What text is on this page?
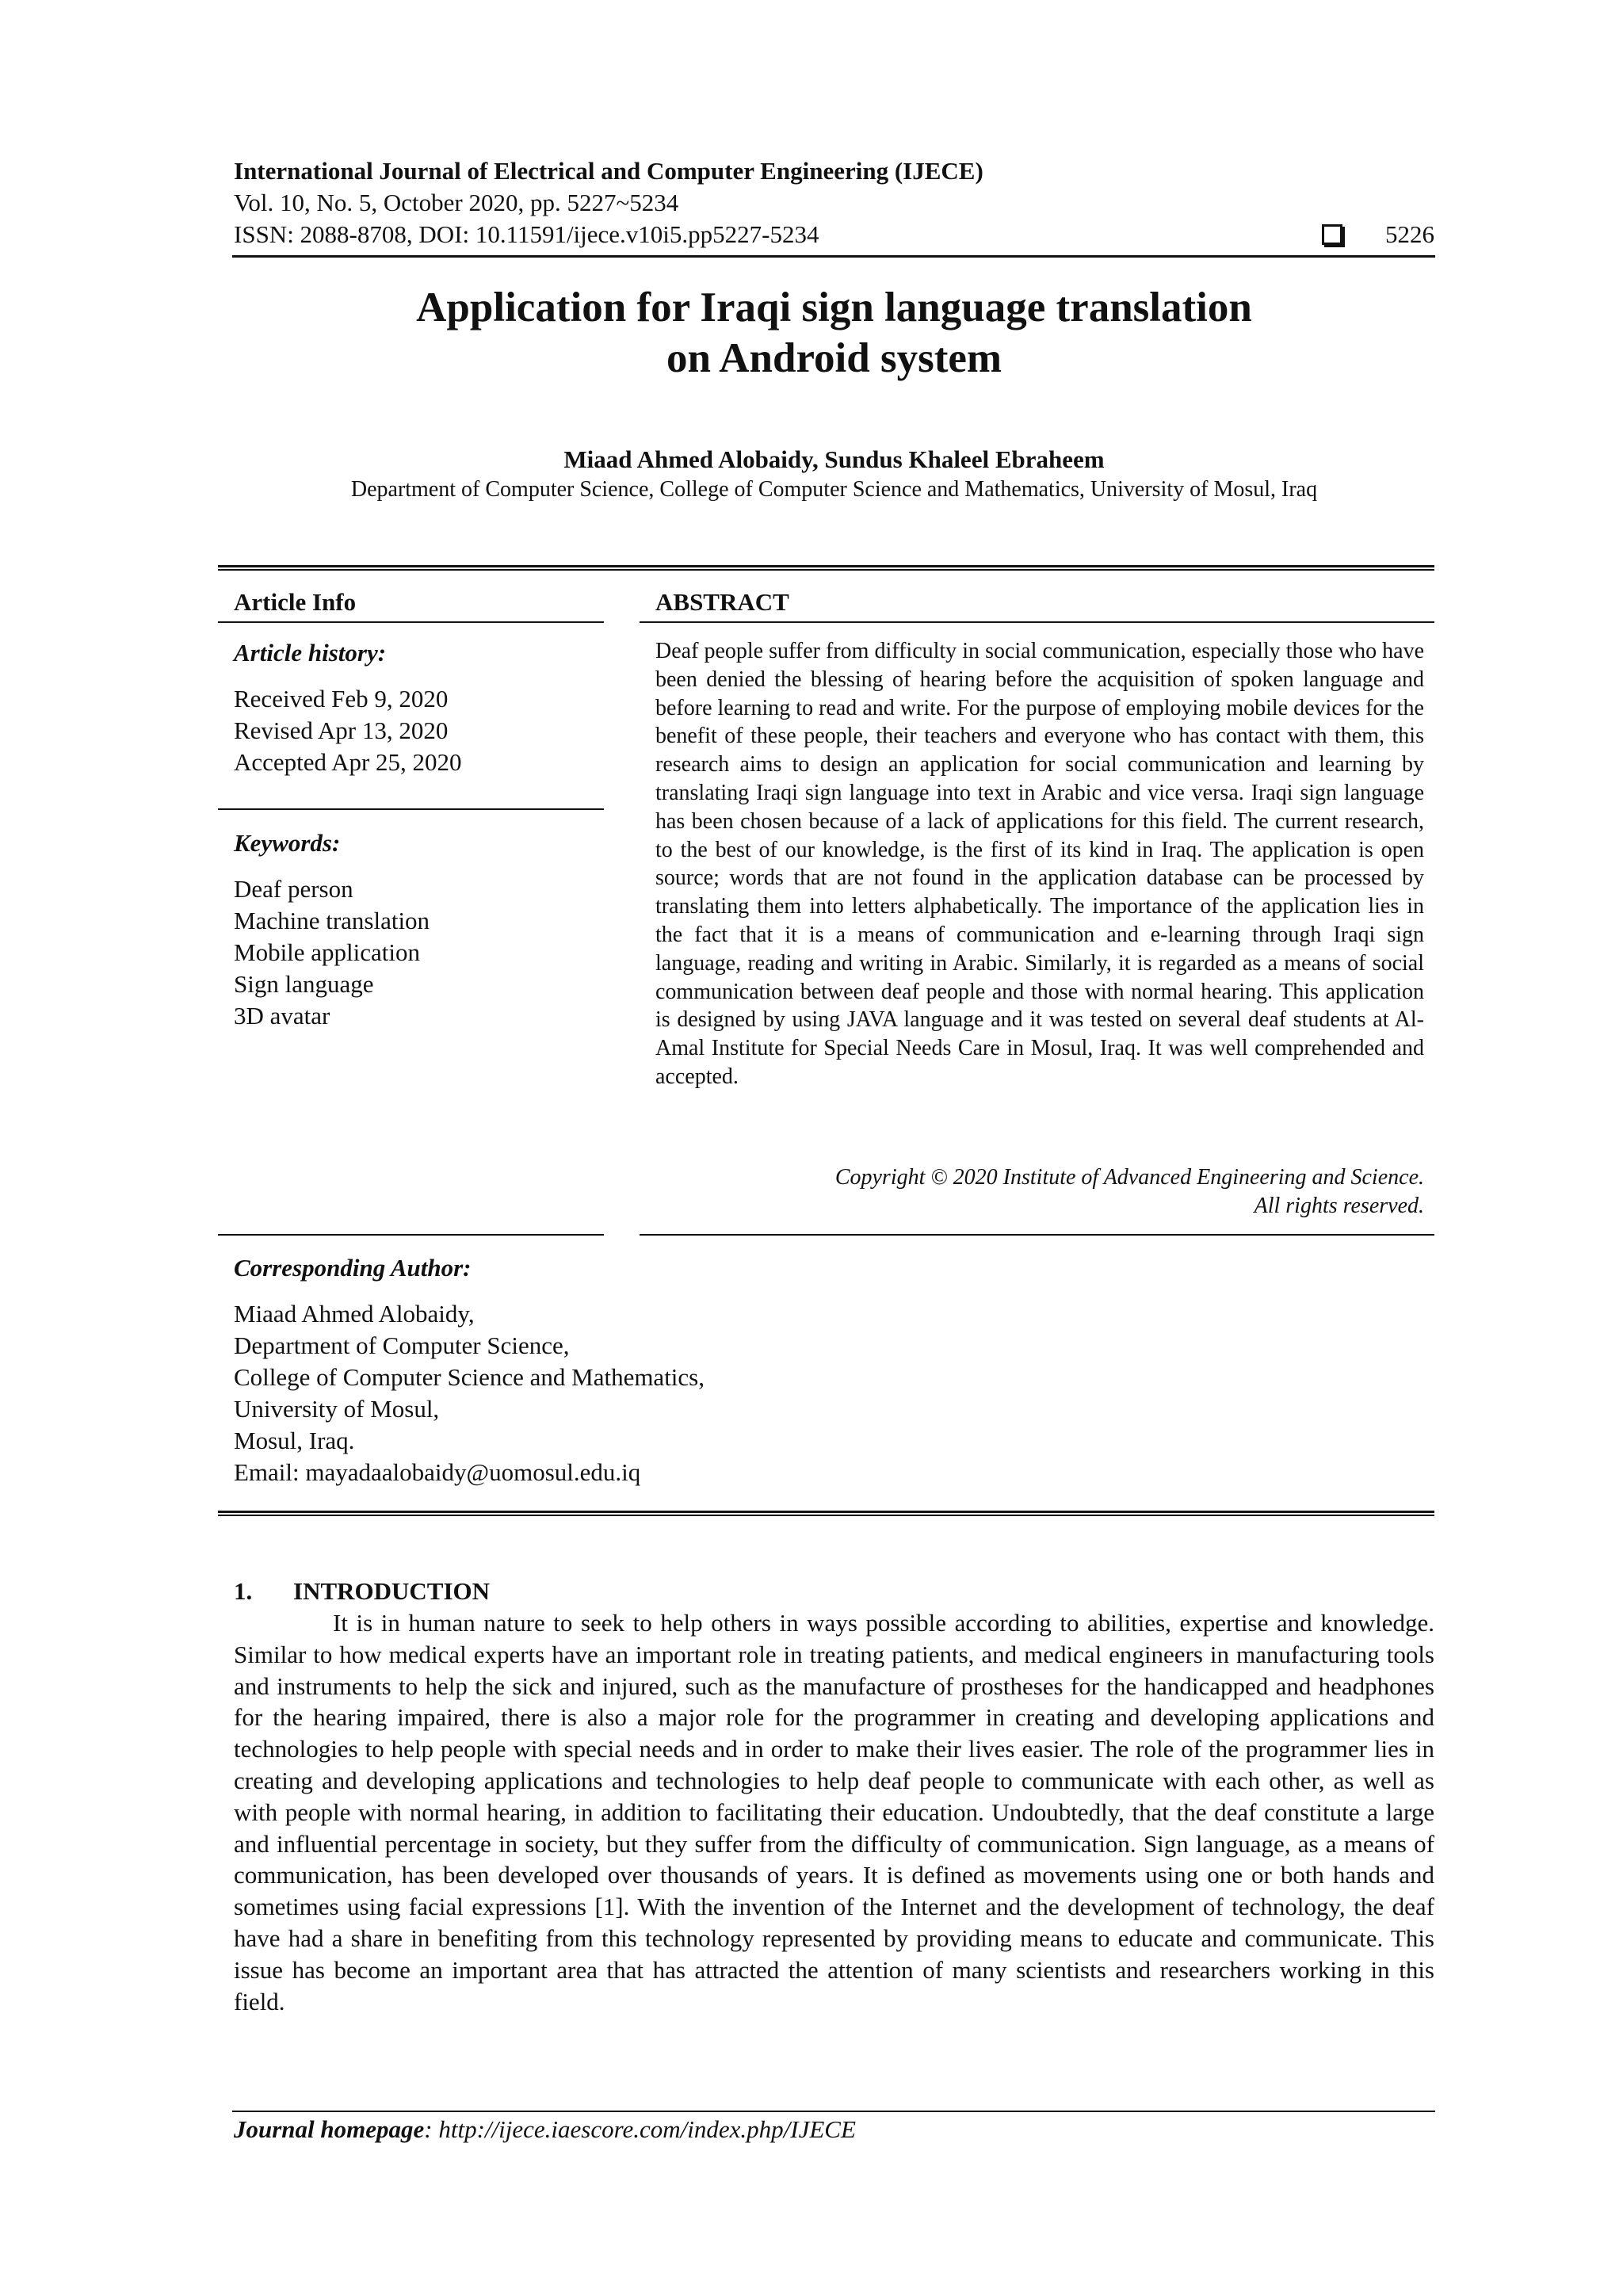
International Journal of Electrical and Computer Engineering (IJECE)
Vol. 10, No. 5, October 2020, pp. 5227~5234
ISSN: 2088-8708, DOI: 10.11591/ijece.v10i5.pp5227-5234	5226
Application for Iraqi sign language translation
on Android system
Miaad Ahmed Alobaidy, Sundus Khaleel Ebraheem
Department of Computer Science, College of Computer Science and Mathematics, University of Mosul, Iraq
Article Info
Article history:
Received Feb 9, 2020
Revised Apr 13, 2020
Accepted Apr 25, 2020
Keywords:
Deaf person
Machine translation
Mobile application
Sign language
3D avatar
ABSTRACT
Deaf people suffer from difficulty in social communication, especially those who have been denied the blessing of hearing before the acquisition of spoken language and before learning to read and write. For the purpose of employing mobile devices for the benefit of these people, their teachers and everyone who has contact with them, this research aims to design an application for social communication and learning by translating Iraqi sign language into text in Arabic and vice versa. Iraqi sign language has been chosen because of a lack of applications for this field. The current research, to the best of our knowledge, is the first of its kind in Iraq. The application is open source; words that are not found in the application database can be processed by translating them into letters alphabetically. The importance of the application lies in the fact that it is a means of communication and e-learning through Iraqi sign language, reading and writing in Arabic. Similarly, it is regarded as a means of social communication between deaf people and those with normal hearing. This application is designed by using JAVA language and it was tested on several deaf students at Al-Amal Institute for Special Needs Care in Mosul, Iraq. It was well comprehended and accepted.
Copyright © 2020 Institute of Advanced Engineering and Science.
All rights reserved.
Corresponding Author:
Miaad Ahmed Alobaidy,
Department of Computer Science,
College of Computer Science and Mathematics,
University of Mosul,
Mosul, Iraq.
Email: mayadaalobaidy@uomosul.edu.iq
1. INTRODUCTION
It is in human nature to seek to help others in ways possible according to abilities, expertise and knowledge. Similar to how medical experts have an important role in treating patients, and medical engineers in manufacturing tools and instruments to help the sick and injured, such as the manufacture of prostheses for the handicapped and headphones for the hearing impaired, there is also a major role for the programmer in creating and developing applications and technologies to help people with special needs and in order to make their lives easier. The role of the programmer lies in creating and developing applications and technologies to help deaf people to communicate with each other, as well as with people with normal hearing, in addition to facilitating their education. Undoubtedly, that the deaf constitute a large and influential percentage in society, but they suffer from the difficulty of communication. Sign language, as a means of communication, has been developed over thousands of years. It is defined as movements using one or both hands and sometimes using facial expressions [1]. With the invention of the Internet and the development of technology, the deaf have had a share in benefiting from this technology represented by providing means to educate and communicate. This issue has become an important area that has attracted the attention of many scientists and researchers working in this field.
Journal homepage: http://ijece.iaescore.com/index.php/IJECE
